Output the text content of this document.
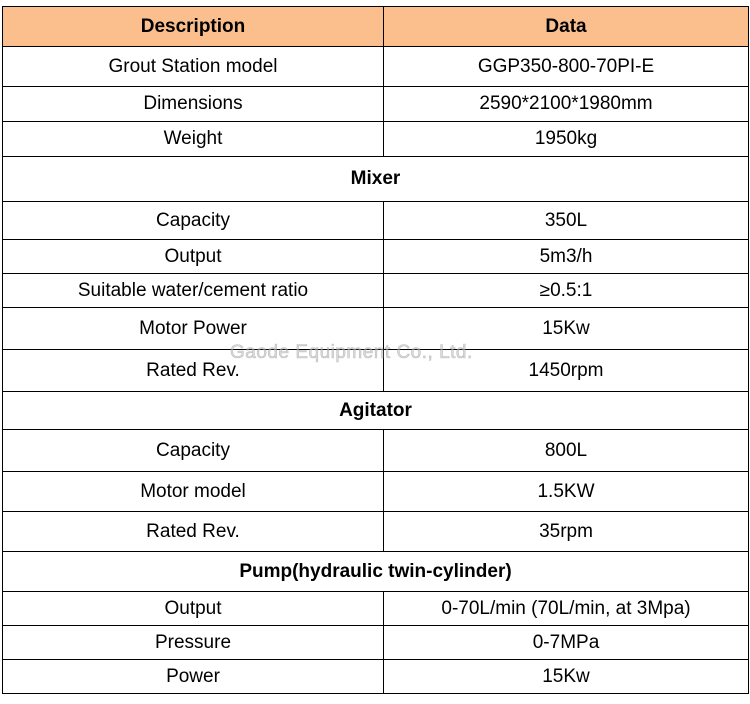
Description	Data
Grout Station model	GGP350-800-70PI-E
Dimensions	2590*2100*1980mm
Weight	1950kg
Mixer	
Capacity	350L
Output	5m3/h
Suitable water/cement ratio	≥0.5:1
Motor Power	15Kw
Rated Rev.	1450rpm
Agitator	
Capacity	800L
Motor model	1.5KW
Rated Rev.	35rpm
Pump(hydraulic twin-cylinder)	
Output	0-70L/min (70L/min, at 3Mpa)
Pressure	0-7MPa
Power	15Kw
Gaode Equipment Co., Ltd.
